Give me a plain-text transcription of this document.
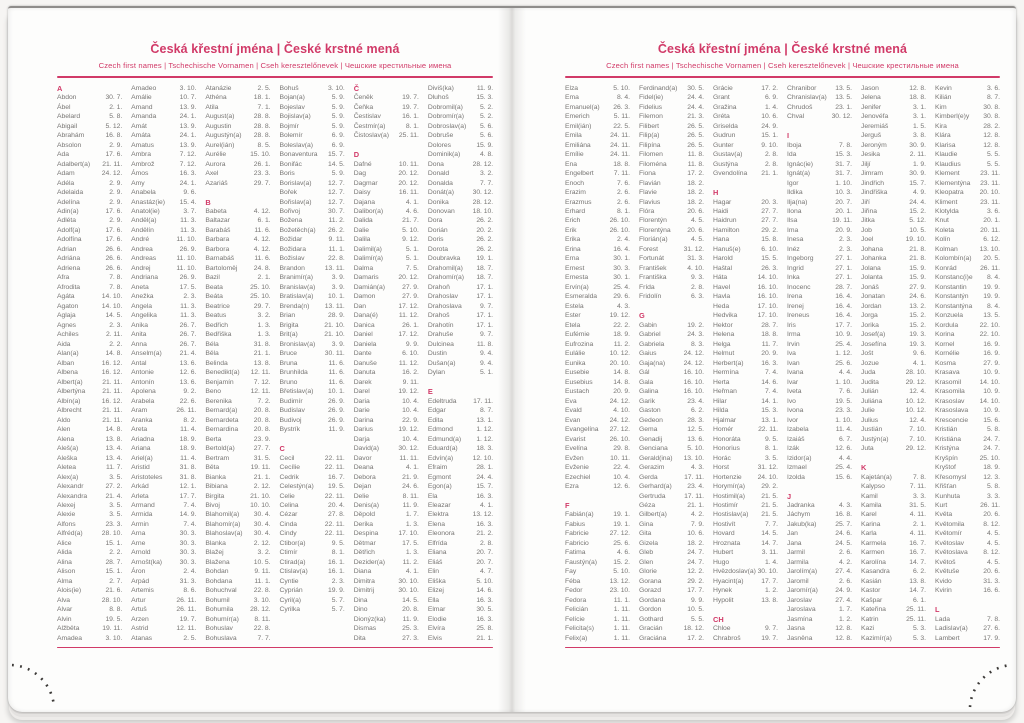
Česká křestní jména | České krstné mená

Czech first names | Tschechische Vornamen | Cseh keresztelőnevek | Чешские крестильные имена

A
Abdon	30. 7.
Ábel	2. 1.
Abelard	5. 8.
Abigail	5. 12.
Abrahám	16. 8.
Absolon	2. 9.
Ada	17. 6.
Adalbert(a) 21. 11.
Adam	24. 12.
Adéla	2. 9.
Adelaida	2. 9.
Adelína	2. 9.
Adin(a)	17. 6.
Adléta	2. 9.
Adolf(a)	17. 6.
Adolfína	17. 6.
Adrian	26. 6.
Adriána	26. 6.
Adriena	26. 6.
Afra	7. 8.
Afrodita	7. 8.
Agáta	14. 10.
Agaton	14. 10.
Aglaja	14. 5.
Agnes	2. 3.
Achiles	2. 11.
Aida	2. 2.
Alan(a)	14. 8.
Alban	16. 12.
Albena	16. 12.
Albert(a)	21. 11.
Albertýna 21. 11.
Albín(a)	16. 12.
Albrecht	21. 11.
Aldo	21. 11.
Alen	14. 8.
Alena	13. 8.
Aleš(a)	13. 4.
Aleška	13. 4.
Aletea	11. 7.
Alex(a)	3. 5.
Alexandr	27. 2.
Alexandra	21. 4.
Alexej	3. 5.
Alexie	3. 5.
Alfons	23. 3.
Alfréd(a)	28. 10.
Alice	15. 1.
Alida	2. 2.
Alina	28. 7.
Alison	15. 1.
Alma	2. 7.
Alois(ie)	21. 6.
Alva	28. 10.
Alvar	8. 8.
Alvin	19. 5.
Alžběta	19. 11.
Amadea	3. 10.
Amadeo	3. 10.
Amálie	10. 7.
Amand	13. 9.
Amanda	24. 1.
Amát	13. 9.
Amáta	24. 1.
Amatus	13. 9.
Ambra	7. 12.
Ambrož	7. 12.
Ámos	16. 3.
Amy	24. 1.
Anabela	9. 6.
Anastáz(ie) 15. 4.
Anatol(ie)	3. 7.
Anděl(a)	11. 3.
Andělín	11. 3.
André	11. 10.
Andrea	26. 9.
Andreas	11. 10.
Andrej	11. 10.
Andriana	26. 9.
Aneta	17. 5.
Anežka	2. 3.
Angela	11. 3.
Angelika	11. 3.
Anika	26. 7.
Anita	26. 7.
Anna	26. 7.
Anselm(a)	21. 4.
Antal	13. 6.
Antonie	12. 6.
Antonín	13. 6.
Apolena	9. 2.
Arabela	22. 6.
Aram	26. 11.
Aranka	8. 2.
Areta	11. 4.
Ariadna	18. 9.
Ariana	18. 9.
Ariel(a)	11. 4.
Aristid	31. 8.
Aristoteles	31. 8.
Arkád	12. 1.
Arleta	17. 7.
Armand	7. 4.
Armida	14. 9.
Armin	7. 4.
Arna	30. 3.
Arne	30. 3.
Arnold	30. 3.
Arnošt(ka)	30. 3.
Áron	2. 4.
Arpád	31. 3.
Artemis	8. 6.
Artur	26. 11.
Artuš	26. 11.
Arzen	19. 7.
Astrid	12. 11.
Atanas	2. 5.
Atanázie	2. 5.
Athéna	18. 1.
Atila	7. 1.
August(a)	28. 8.
Augustin	28. 8.
Augustýn(a) 28. 8.
Aurel(ián)	8. 5.
Aurélie	15. 10.
Aurora	26. 1.
Axel	23. 3.
Azariáš	29. 7.
B
Babeta	4. 12.
Baltazar	6. 1.
Barabáš	11. 6.
Barbara	4. 12.
Barbora	4. 12.
Barnabáš	11. 6.
Bartoloměj 24. 8.
Bazil	2. 1.
Beata	25. 10.
Beáta	25. 10.
Beatrice	29. 7.
Beatus	3. 2.
Bedřich	1. 3.
Bedřiška	1. 3.
Béla	31. 8.
Běla	21. 1.
Belinda	13. 8.
Benedikt(a) 12. 11.
Benjamín	7. 12.
Beno	12. 11.
Berenika	7. 2.
Bernard(a) 20. 8.
Bernardeta 20. 8.
Bernardina 20. 8.
Berta	23. 9.
Bertold(a)	27. 7.
Bertram	31. 5.
Běta	19. 11.
Bianka	21. 1.
Bibiana	2. 12.
Birgita	21. 10.
Bivoj	10. 10.
Blahomil(a) 30. 4.
Blahomír(a) 30. 4.
Blahoslav(a) 30. 4.
Blanka	2. 12.
Blažej	3. 2.
Blažena	10. 5.
Bohdan	9. 11.
Bohdana	11. 1.
Bohuchval	22. 8.
Bohumil	3. 10.
Bohumila 28. 12.
Bohumír(a) 8. 11.
Bohuslav	22. 8.
Bohuslava	7. 7.
Bohuš	3. 10.
Bojan(a)	5. 9.
Bojeslav	5. 9.
Bojislav(a)	5. 9.
Bojmír	5. 9.
Bolemír	6. 9.
Boleslav(a)	6. 9.
Bonaventura 15. 7.
Bonifác	14. 5.
Boris	5. 9.
Borislav(a) 12. 7.
Bořek	12. 7.
Bořislav(a) 12. 7.
Bořivoj	30. 7.
Božena	11. 2.
Božetěch(a) 26. 2.
Božidar	9. 11.
Božidara	11. 1.
Božislav	22. 8.
Brandon	13. 11.
Branimír(a)	3. 9.
Branislav(a) 3. 9.
Bratislav(a) 10. 1.
Brenda(n) 13. 11.
Brian	28. 9.
Brigita	21. 10.
Brit(a)	21. 10.
Bronislav(a) 3. 9.
Bruce	30. 11.
Bruna	11. 6.
Brunhilda	11. 6.
Bruno	11. 6.
Břetislav(a) 10. 1.
Budimír	26. 9.
Budislav	26. 9.
Budivoj	26. 9.
Bystrík	11. 9.
C
Cecil	22. 11.
Cecílie	22. 11.
Cedrik	16. 7.
Celestýn(a) 19. 5.
Celie	22. 11.
Celina	20. 4.
Cézar	27. 8.
Cinda	22. 11.
Cindy	22. 11.
Ctibor(a)	9. 5.
Ctimír	8. 1.
Ctirad(a)	16. 1.
Ctislav(a)	16. 1.
Cyntie	2. 3.
Cyprián	19. 9.
Cyril(a)	5. 7.
Cyrilka	5. 7.
Č
Čeněk	19. 7.
Čeňka	19. 7.
Čestislav	16. 1.
Čestmír(a)	8. 1.
Čistoslav(a) 25. 11.
D
Dafné	10. 11.
Dag	20. 12.
Dagmar	20. 12.
Daisy	16. 11.
Dajana	4. 1.
Dalibor(a)	4. 6.
Dalida	21. 7.
Dalie	5. 10.
Dalila	9. 12.
Dalimil(a)	5. 1.
Dalimír(a)	5. 1.
Dalma	7. 5.
Damaris	20. 12.
Damián(a)	27. 9.
Damon	27. 9.
Dan	17. 12.
Dana(é)	11. 12.
Danica	26. 1.
Daniel	17. 12.
Daniela	9. 9.
Dante	6. 10.
Danuše	11. 12.
Danuta	16. 2.
Darek	9. 11.
Darel	19. 12.
Daria	10. 4.
Darie	10. 4.
Darina	22. 9.
Darius	19. 12.
Darja	10. 4.
David(a)	30. 12.
Davor	11. 11.
Deana	4. 1.
Debora	21. 9.
Dejan	24. 6.
Delie	8. 11.
Denis(a)	11. 9.
Děpold	1. 7.
Derika	1. 3.
Despina	17. 10.
Dětmar	17. 5.
Dětřich	1. 3.
Dezider(a)	11. 2.
Diana	4. 1.
Dimitra	30. 10.
Dimitrij	30. 10.
Dina	14. 5.
Dino	20. 8.
Dionýz(ka) 11. 9.
Dismas	25. 3.
Dita	27. 3.
Diviš(ka)	11. 9.
Dluhoš	15. 3.
Dobromil(a)	5. 2.
Dobromír(a) 5. 2.
Dobroslav(a) 5. 6.
Dobruše	5. 6.
Dolores	15. 9.
Dominik(a)	4. 8.
Dona	28. 12.
Donald	3. 2.
Donalda	7. 7.
Donát(a)	30. 12.
Donika	28. 12.
Donovan	18. 10.
Dora	26. 2.
Dorián	20. 2.
Doris	26. 2.
Dorota	26. 2.
Doubravka 19. 1.
Drahomil(a) 18. 7.
Drahomír(a) 18. 7.
Drahoň	17. 1.
Drahoslav	17. 1.
Drahoslava	9. 7.
Drahoš	17. 1.
Drahotín	17. 1.
Drahuše	9. 7.
Dulcinea	11. 8.
Dustin	9. 4.
Dušan(a)	9. 4.
Dylan	5. 1.
E
Edeltruda 17. 11.
Edgar	8. 7.
Edita	13. 1.
Edmond	1. 12.
Edmund(a) 1. 12.
Eduard(a)	18. 3.
Edvín(a)	12. 10.
Efraim	28. 1.
Egmont	24. 4.
Egon(a)	15. 7.
Ela	16. 3.
Eleazar	4. 1.
Elektra	13. 12.
Elena	16. 3.
Eleonora	21. 2.
Elfrída	2. 8.
Eliana	20. 7.
Eliáš	20. 7.
Elin	4. 7.
Eliška	5. 10.
Elizej	14. 6.
Ella	16. 3.
Elmar	30. 5.
Elodie	16. 3.
Elvíra	25. 8.
Elvis	21. 1.
Česká křestní jména | České krstné mená

Czech first names | Tschechische Vornamen | Cseh keresztelőnevek | Чешские крестильные имена

Elza	5. 10.
Ema	8. 4.
Emanuel(a) 26. 3.
Emerich	5. 11.
Emil(ián)	22. 5.
Emila	24. 11.
Emiliána	24. 11.
Emílie	24. 11.
Ena	18. 8.
Engelbert	7. 11.
Enoch	7. 6.
Erazim	2. 6.
Erazmus	2. 6.
Erhard	8. 1.
Erich	26. 10.
Erik	26. 10.
Erika	2. 4.
Erina	16. 4.
Erna	30. 1.
Ernest	30. 3.
Ernesta	30. 1.
Ervín(a)	25. 4.
Esmeralda 29. 6.
Estela	4. 3.
Ester	19. 12.
Etela	22. 2.
Eufémie	18. 9.
Eufrozina	11. 2.
Eulálie	10. 12.
Eunika	20. 10.
Eusebie	14. 8.
Eusebius	14. 8.
Eustach	20. 9.
Eva	24. 12.
Evald	4. 10.
Evan	24. 12.
Evangelína 27. 12.
Evarist	26. 10.
Evelína	29. 8.
Evžen	10. 11.
Evženie	22. 4.
Ezechiel	10. 4.
Ezra	12. 6.
F
Fabián(a)	19. 1.
Fabius	19. 1.
Fabricie	27. 12.
Fabricio	25. 6.
Fatima	4. 6.
Faustýn(a) 15. 2.
Fay	5. 10.
Féba	13. 12.
Fedor	23. 10.
Fedora	11. 1.
Felicián	1. 11.
Felície	1. 11.
Felicita(s)	1. 11.
Felix(a)	1. 11.
Ferdinand(a) 30. 5.
Fidel(ie)	24. 4.
Fidelius	24. 4.
Filemon	21. 3.
Filibert	26. 5.
Filip(a)	26. 5.
Filipína	26. 5.
Filomen	11. 8.
Filoména	11. 8.
Fiona	17. 2.
Flavián	18. 2.
Flavie	18. 2.
Flavius	18. 2.
Flóra	20. 6.
Florentýn	4. 5.
Florentýna 20. 6.
Florián(a)	4. 5.
Forest	31. 12.
Fortunát	31. 3.
František	4. 10.
Františka	9. 3.
Frída	2. 8.
Fridolín	6. 3.
G
Gabin	19. 2.
Gabriel	24. 3.
Gabriela	8. 3.
Gaius	24. 12.
Gaja(na)	24. 12.
Gál	16. 10.
Gala	16. 10.
Galina	16. 10.
Garik	23. 4.
Gaston	6. 2.
Gedeon	28. 3.
Gema	12. 5.
Genadij	13. 6.
Genciana	5. 10.
Gerald(ina) 13. 10.
Gerazim	4. 3.
Gerda	17. 11.
Gerhard(a) 23. 4.
Gertruda	17. 11.
Géza	21. 1.
Gilbert(a)	4. 2.
Gina	7. 9.
Gita	10. 6.
Gizela	18. 2.
Gleb	24. 7.
Glen	24. 7.
Glorie	12. 2.
Gorana	29. 2.
Gorazd	17. 7.
Gordana	9. 9.
Gordon	10. 5.
Gothard	5. 5.
Gracián	18. 12.
Graciána	17. 2.
Grácie	17. 2.
Grant	6. 9.
Gražina	1. 4.
Gréta	10. 6.
Griselda	24. 9.
Gudrun	15. 1.
Gunter	9. 10.
Gustav(a)	2. 8.
Gustýna	2. 8.
Gvendolína 21. 1.
H
Hagar	20. 3.
Haidi	27. 7.
Haidrun	27. 7.
Hamilton	29. 2.
Hana	15. 8.
Hanuš(e)	6. 10.
Harold	15. 5.
Haštal	26. 3.
Háta	14. 10.
Havel	16. 10.
Havla	16. 10.
Heda	17. 10.
Hedvika	17. 10.
Hektor	28. 7.
Helena	18. 8.
Helga	11. 7.
Helmut	20. 9.
Herbert(a)	16. 3.
Hermína	7. 4.
Herta	14. 6.
Heřman	7. 4.
Hilar	14. 1.
Hilda	15. 3.
Hjalmar	13. 1.
Homér	22. 11.
Honoráta	9. 5.
Honorius	8. 1.
Horác	3. 5.
Horst	31. 12.
Hortenzie 24. 10.
Horymír(a) 29. 2.
Hostimil(a) 21. 5.
Hostimír	21. 5.
Hostislav(a) 21. 5.
Hostivít	7. 7.
Hovard	14. 5.
Hroznata	14. 7.
Hubert	3. 11.
Hugo	1. 4.
Hvězdoslav(a) 30. 10.
Hyacint(a)	17. 7.
Hynek	1. 2.
Hypolit	13. 8.
CH
Chloe	9. 7.
Chrabroš	19. 7.
Chranibor	13. 5.
Chranislav(a) 13. 5.
Chrudoš	23. 1.
Chval	30. 12.
I
Iboja	7. 8.
Ida	15. 3.
Ignác(ie)	31. 7.
Ignát(a)	31. 7.
Igor	1. 10.
Ildika	10. 3.
Ilja(na)	20. 7.
Ilona	20. 1.
Ilsa	19. 11.
Ima	20. 9.
Inesa	2. 3.
Inéz	2. 3.
Ingeborg	27. 1.
Ingrid	27. 1.
Inka	27. 1.
Inocenc	28. 7.
Irena	16. 4.
Irenej	16. 4.
Ireneus	16. 4.
Iris	17. 7.
Irma	10. 9.
Irvin	25. 4.
Iva	1. 12.
Ivan	25. 6.
Ivana	4. 4.
Ivar	1. 10.
Iveta	7. 6.
Ivo	19. 5.
Ivona	23. 3.
Ivor	1. 10.
Izabela	11. 4.
Izaiáš	6. 7.
Izák	12. 6.
Izidor(a)	4. 4.
Izmael	25. 4.
Izolda	15. 6.
J
Jadranka	4. 3.
Jáchym	16. 8.
Jakub(ka)	25. 7.
Jan	24. 6.
Jana	24. 5.
Jarmil	2. 6.
Jarmila	4. 2.
Jarolím(a)	27. 4.
Jaromil	2. 6.
Jaromír(a)	24. 9.
Jaroslav	27. 4.
Jaroslava	1. 7.
Jasmína	1. 2.
Jasna	12. 8.
Jasněna	12. 8.
Jason	12. 8.
Jelena	18. 8.
Jenifer	3. 1.
Jenovéfa	3. 1.
Jeremiáš	1. 5.
Jerguš	3. 8.
Jeroným	30. 9.
Jesika	2. 11.
Jiljí	1. 9.
Jimram	30. 9.
Jindřich	15. 7.
Jindřiška	4. 9.
Jiří	24. 4.
Jiřina	15. 2.
Jitka	5. 12.
Job	10. 5.
Joel	19. 10.
Johana	21. 8.
Johanka	21. 8.
Jolana	15. 9.
Jolanta	15. 9.
Jonáš	27. 9.
Jonatan	24. 6.
Jordan	13. 2.
Jorga	15. 2.
Jorika	15. 2.
Josef(a)	19. 3.
Josefína	19. 3.
Jošt	9. 6.
Jozue	4. 1.
Juda	28. 10.
Judita	29. 12.
Julián	12. 4.
Juliána	10. 12.
Julie	10. 12.
Julius	12. 4.
Justián	7. 10.
Justýn(a)	7. 10.
Juta	29. 12.
K
Kajetán(a)	7. 8.
Kalypso	7. 11.
Kamil	3. 3.
Kamila	31. 5.
Karel	4. 11.
Karina	2. 1.
Karla	4. 11.
Karmela	16. 7.
Karmen	16. 7.
Karolína	14. 7.
Kasandra	6. 2.
Kasián	13. 8.
Kastor	14. 7.
Kašpar	6. 1.
Kateřina	25. 11.
Katrin	25. 11.
Kazi	5. 3.
Kazimír(a)	5. 3.
Kevin	3. 6.
Kilián	8. 7.
Kim	30. 8.
Kimberl(e)y 30. 8.
Kira	28. 2.
Klára	12. 8.
Klarisa	12. 8.
Klaudie	5. 5.
Klaudius	5. 5.
Klement	23. 11.
Klementýna 23. 11.
Kleopatra 20. 10.
Kliment	23. 11.
Klotylda	3. 6.
Knut	20. 1.
Koleta	20. 11.
Kolín	6. 12.
Kolman	13. 10.
Kolombín(a) 20. 5.
Konrád	26. 11.
Konstanc(i)e 8. 4.
Konstantin 19. 9.
Konstantýn 19. 9.
Konstantýna 8. 4.
Konzuela	13. 5.
Kordula	22. 10.
Korina	22. 10.
Kornel	16. 9.
Kornélie	16. 9.
Kosma	27. 9.
Krasava	10. 9.
Krasomil	14. 10.
Krasomila	10. 9.
Krasoslav 14. 10.
Krasoslava 10. 9.
Krescencie 15. 6.
Kristián	5. 8.
Kristiána	24. 7.
Kristýna	24. 7.
Kryšpín	25. 10.
Kryštof	18. 9.
Křesomysl	12. 3.
Křišťan	5. 8.
Kunhuta	3. 3.
Kurt	26. 11.
Květa	20. 6.
Květomila	8. 12.
Květomír	4. 5.
Květoslav	4. 5.
Květoslava 8. 12.
Květoš	4. 5.
Květuše	20. 6.
Kvido	31. 3.
Kvirin	16. 6.
L
Lada	7. 8.
Ladislav(a) 27. 6.
Lambert	17. 9.
